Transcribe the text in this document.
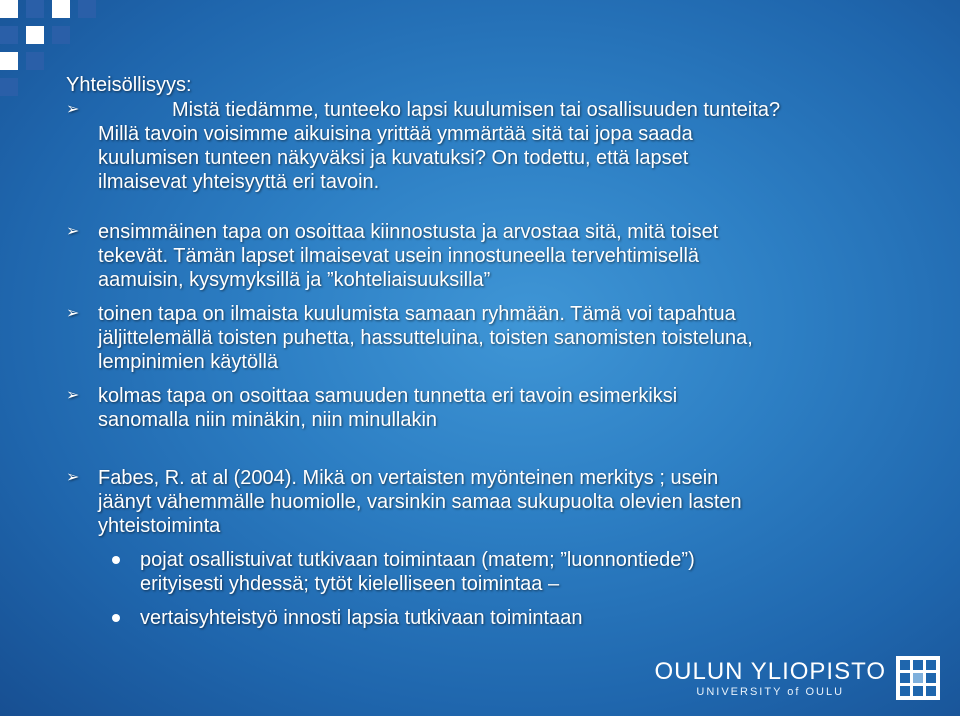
Yhteisöllisyys:
➢	Mistä tiedämme, tunteeko lapsi kuulumisen tai osallisuuden tunteita?
Millä tavoin voisimme aikuisina yrittää ymmärtää sitä tai jopa saada
kuulumisen tunteen näkyväksi ja kuvatuksi? On todettu, että lapset
ilmaisevat yhteisyyttä eri tavoin.
➢ ensimmäinen tapa on osoittaa kiinnostusta ja arvostaa sitä, mitä toiset
tekevät. Tämän lapset ilmaisevat usein innostuneella tervehtimisellä
aamuisin, kysymyksillä ja ”kohteliaisuuksilla”
➢ toinen tapa on ilmaista kuulumista samaan ryhmään. Tämä voi tapahtua
jäljittelemällä toisten puhetta, hassutteluina, toisten sanomisten toisteluna,
lempinimien käytöllä
➢ kolmas tapa on osoittaa samuuden tunnetta eri tavoin esimerkiksi
sanomalla niin minäkin, niin minullakin
➢ Fabes, R. at al (2004). Mikä on vertaisten myönteinen merkitys ; usein
jäänyt vähemmälle huomiolle, varsinkin samaa sukupuolta olevien lasten
yhteistoiminta
pojat osallistuivat tutkivaan toimintaan (matem; ”luonnontiede”)
erityisesti yhdessä; tytöt kielelliseen toimintaa –
vertaisyhteistyö innosti lapsia tutkivaan toimintaan
OULUN YLIOPISTO
UNIVERSITY of OULU
